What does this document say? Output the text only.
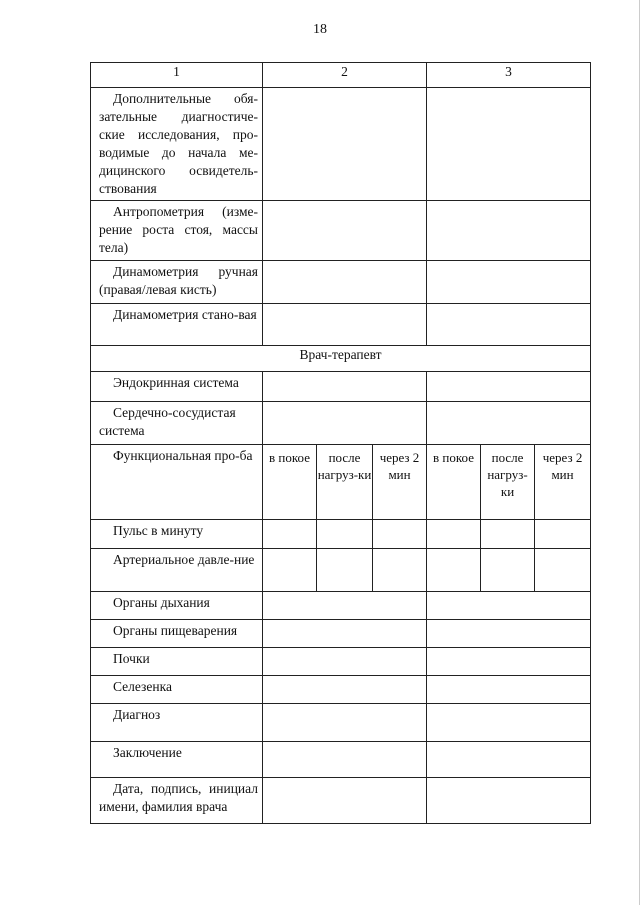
18
1	2			3		
Дополнительные обя-зательные диагностиче-ские исследования, про-водимые до начала ме-дицинского освидетель-ствования						
Антропометрия (изме-рение роста стоя, массы тела)						
Динамометрия ручная (правая/левая кисть)						
Динамометрия стано-вая						
Врач-терапевт						
Эндокринная система						
Сердечно-сосудистая система						
Функциональная про-ба	в покое	после нагруз-ки	через 2 мин	в покое	после нагруз-ки	через 2 мин
Пульс в минуту						
Артериальное давле-ние						
Органы дыхания						
Органы пищеварения						
Почки						
Селезенка						
Диагноз						
Заключение						
Дата, подпись, инициал имени, фамилия врача						
